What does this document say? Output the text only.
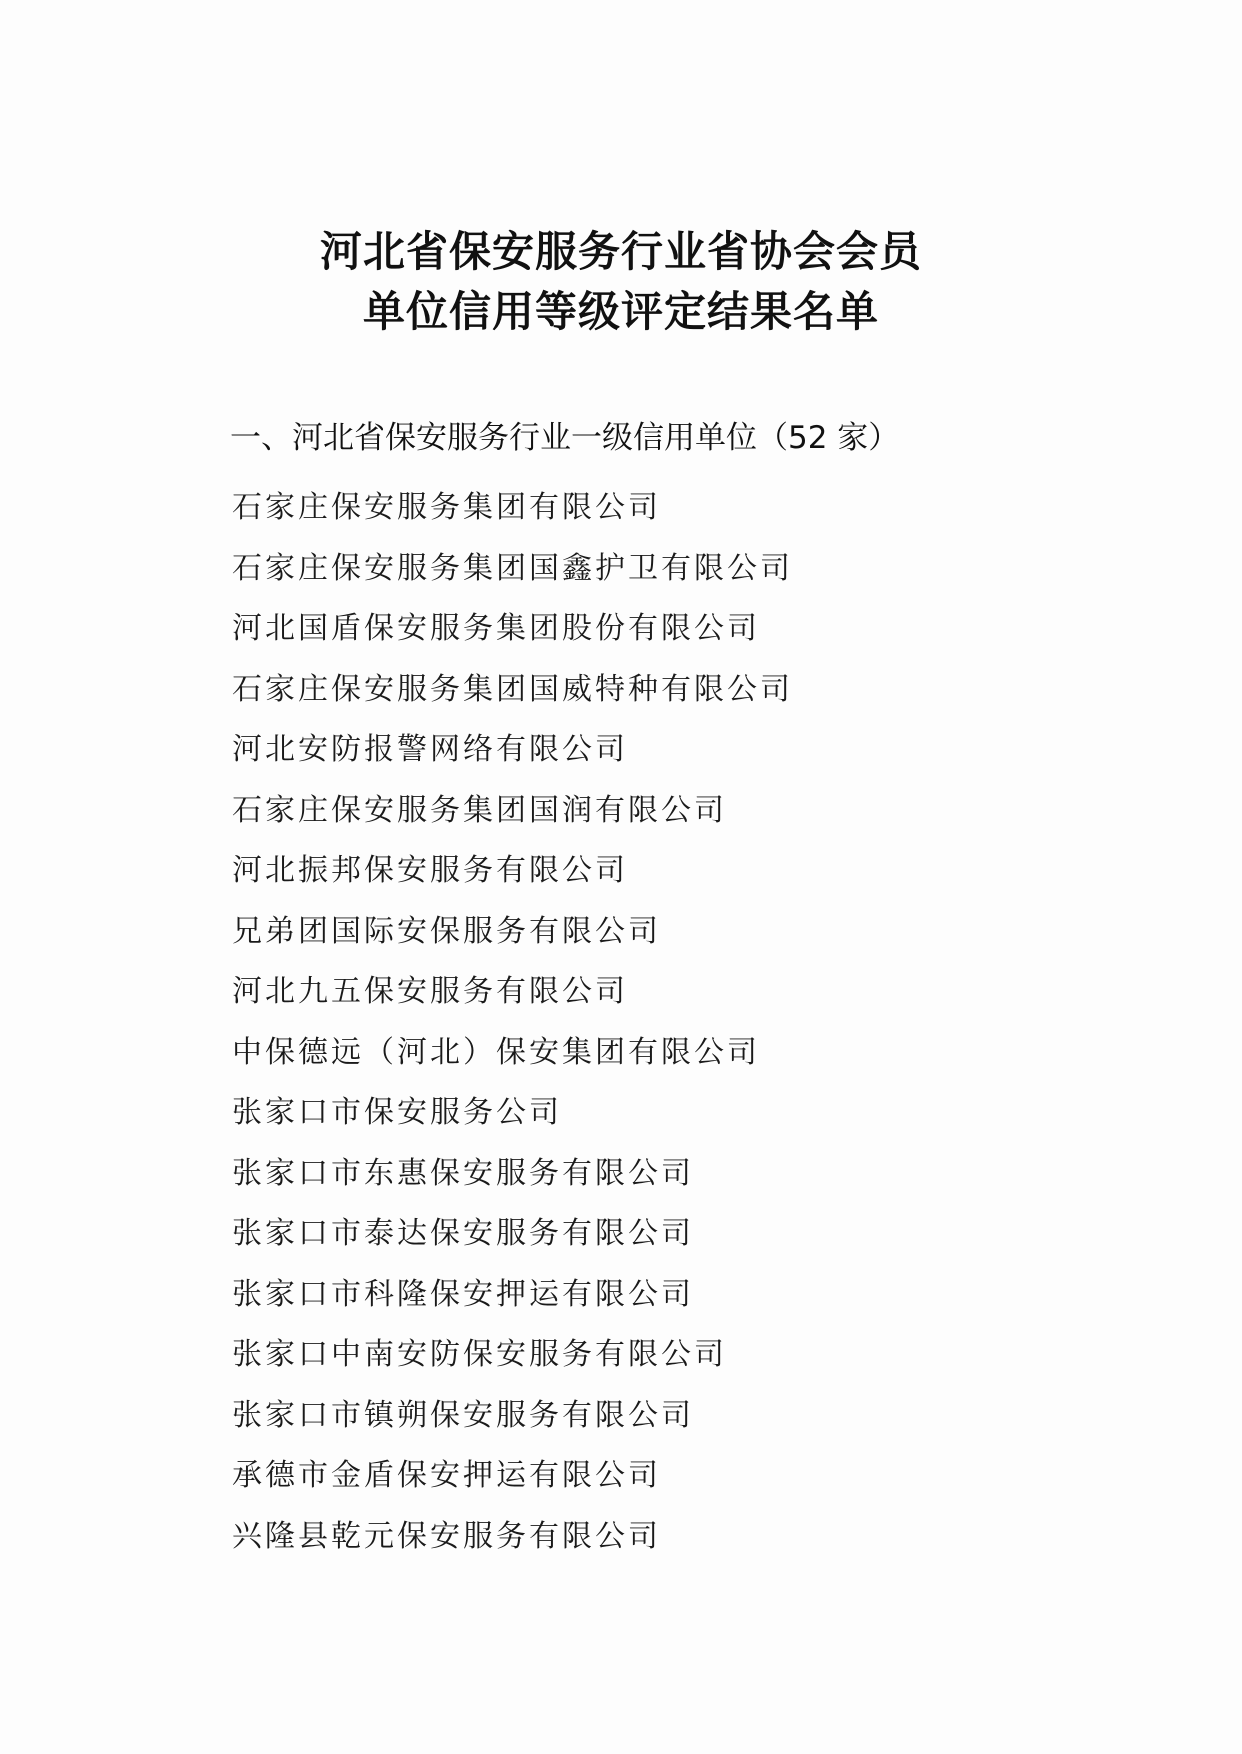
河北省保安服务行业省协会会员
单位信用等级评定结果名单
一、河北省保安服务行业一级信用单位（52 家）
石家庄保安服务集团有限公司
石家庄保安服务集团国鑫护卫有限公司
河北国盾保安服务集团股份有限公司
石家庄保安服务集团国威特种有限公司
河北安防报警网络有限公司
石家庄保安服务集团国润有限公司
河北振邦保安服务有限公司
兄弟团国际安保服务有限公司
河北九五保安服务有限公司
中保德远（河北）保安集团有限公司
张家口市保安服务公司
张家口市东惠保安服务有限公司
张家口市泰达保安服务有限公司
张家口市科隆保安押运有限公司
张家口中南安防保安服务有限公司
张家口市镇朔保安服务有限公司
承德市金盾保安押运有限公司
兴隆县乾元保安服务有限公司
